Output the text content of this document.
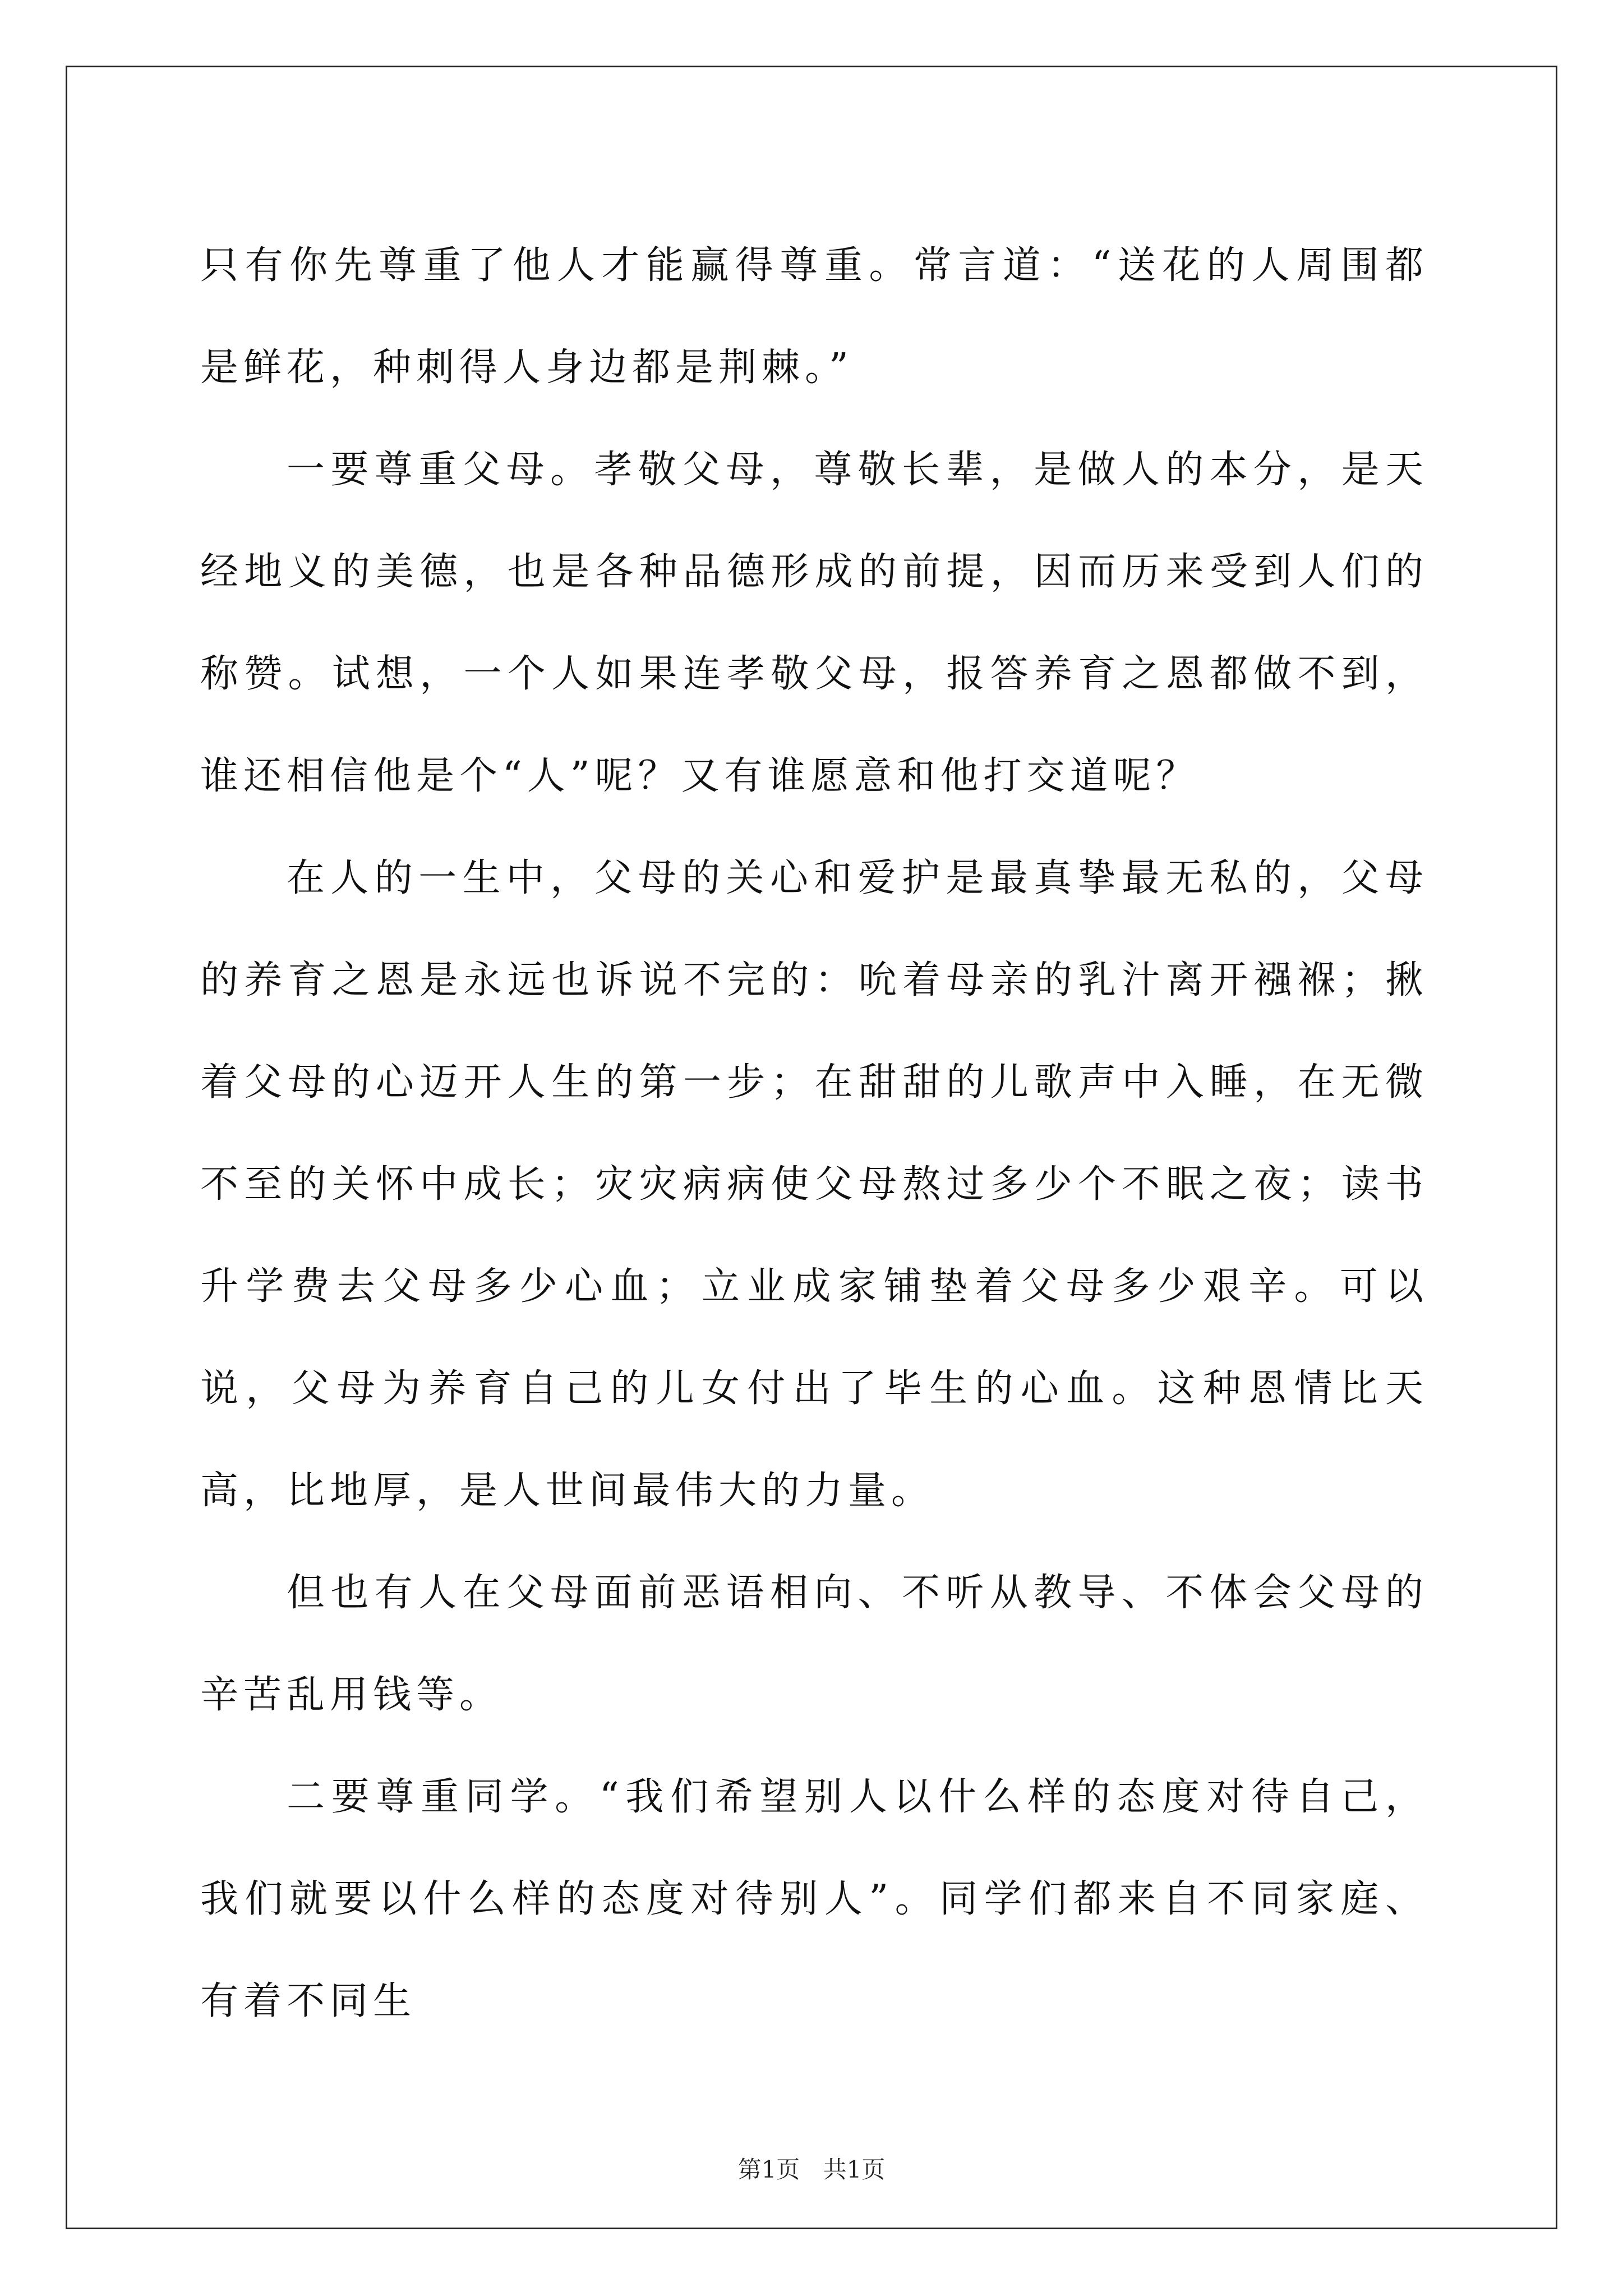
只有你先尊重了他人才能赢得尊重。常言道：“送花的人周围都是鲜花，种刺得人身边都是荆棘。”

一要尊重父母。孝敬父母，尊敬长辈，是做人的本分，是天经地义的美德，也是各种品德形成的前提，因而历来受到人们的称赞。试想，一个人如果连孝敬父母，报答养育之恩都做不到，谁还相信他是个“人”呢？又有谁愿意和他打交道呢？

在人的一生中，父母的关心和爱护是最真挚最无私的，父母的养育之恩是永远也诉说不完的：吮着母亲的乳汁离开襁褓；揪着父母的心迈开人生的第一步；在甜甜的儿歌声中入睡，在无微不至的关怀中成长；灾灾病病使父母熬过多少个不眠之夜；读书升学费去父母多少心血；立业成家铺垫着父母多少艰辛。可以说，父母为养育自己的儿女付出了毕生的心血。这种恩情比天高，比地厚，是人世间最伟大的力量。

但也有人在父母面前恶语相向、不听从教导、不体会父母的辛苦乱用钱等。

二要尊重同学。“我们希望别人以什么样的态度对待自己，我们就要以什么样的态度对待别人”。同学们都来自不同家庭、有着不同生

第1页 共1页
